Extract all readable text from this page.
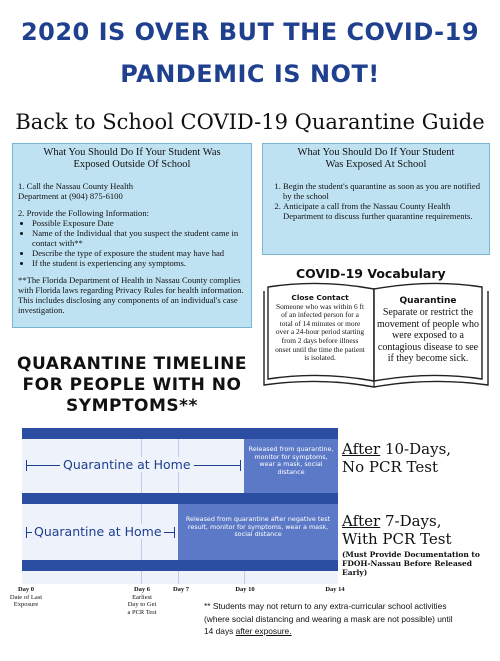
2020 IS OVER BUT THE COVID-19
PANDEMIC IS NOT!
Back to School COVID-19 Quarantine Guide
What You Should Do If Your Student Was
Exposed Outside Of School

1. Call the Nassau County Health

Department at (904) 875-6100

2. Provide the Following Information:

• Possible Exposure Date
• Name of the Individual that you suspect the student came in contact with**
• Describe the type of exposure the student may have had
• If the student is experiencing any symptoms.

**The Florida Department of Health in Nassau County complies with Florida laws regarding Privacy Rules for health information. This includes disclosing any components of an individual's case investigation.

What You Should Do If Your Student
Was Exposed At School
1. Begin the student's quarantine as soon as you are notified by the school
2. Anticipate a call from the Nassau County Health Department to discuss further quarantine requirements.
COVID-19 Vocabulary
Close Contact
Someone who was within 6 ft of an infected person for a total of 14 minutes or more over a 24-hour period starting from 2 days before illness onset until the time the patient is isolated.
Quarantine
Separate or restrict the movement of people who were exposed to a contagious disease to see if they become sick.
QUARANTINE TIMELINE
FOR PEOPLE WITH NO
SYMPTOMS**
Quarantine at Home
Released from quarantine, monitor for symptoms, wear a mask, social distance
Quarantine at Home
Released from quarantine after negative test result, monitor for symptoms, wear a mask, social distance
After 10-Days,
No PCR Test
After 7-Days,
With PCR Test
(Must Provide Documentation to FDOH-Nassau Before Released Early)
Day 0
Date of Last
Exposure
Day 6
Earliest
Day to Get
a PCR Test
Day 7	Day 10	Day 14
** Students may not return to any extra-curricular school activities
(where social distancing and wearing a mask are not possible) until
14 days after exposure.
